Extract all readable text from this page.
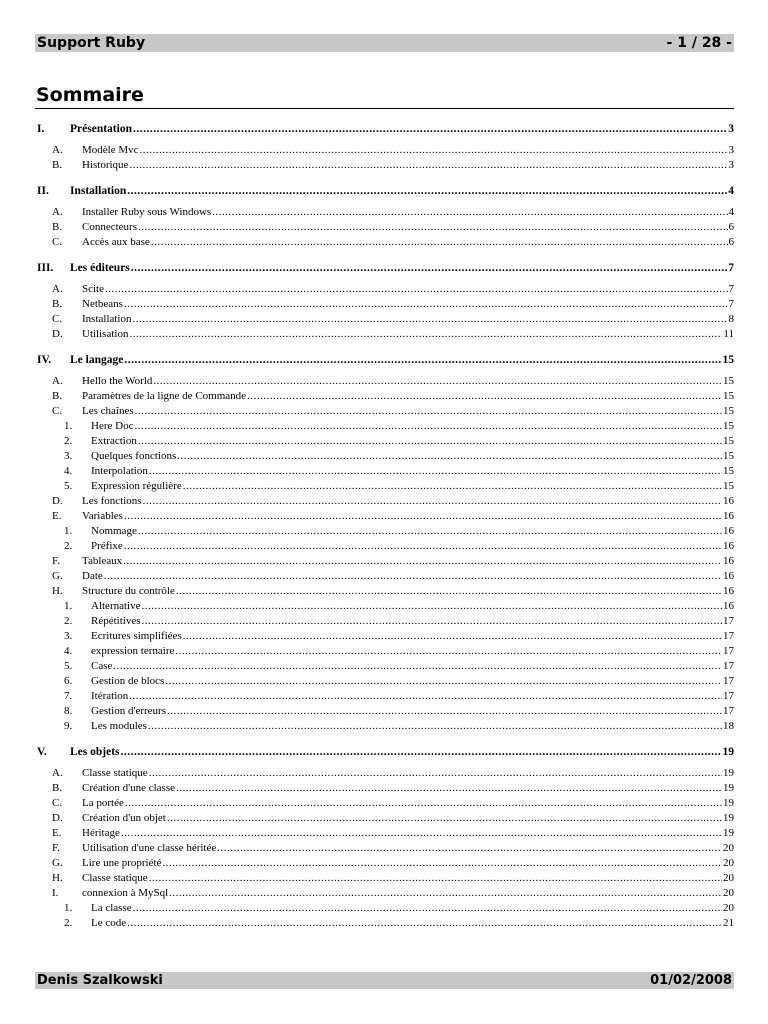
Support Ruby	- 1 / 28 -
Sommaire
I.	Présentation .....	3
A.	Modèle Mvc .....	3
B.	Historique .....	3
II.	Installation .....	4
A.	Installer Ruby sous Windows .....	4
B.	Connecteurs .....	6
C.	Accès aux base .....	6
III.	Les éditeurs .....	7
A.	Scite .....	7
B.	Netbeans .....	7
C.	Installation .....	8
D.	Utilisation .....	11
IV.	Le langage .....	15
A.	Hello the World .....	15
B.	Paramètres de la ligne de Commande .....	15
C.	Les chaînes .....	15
1.	Here Doc .....	15
2.	Extraction .....	15
3.	Quelques fonctions .....	15
4.	Interpolation .....	15
5.	Expression régulière .....	15
D.	Les fonctions .....	16
E.	Variables .....	16
1.	Nommage .....	16
2.	Préfixe .....	16
F.	Tableaux .....	16
G.	Date .....	16
H.	Structure du contrôle .....	16
1.	Alternative .....	16
2.	Répétitives .....	17
3.	Ecritures simplifiées .....	17
4.	expression ternaire .....	17
5.	Case .....	17
6.	Gestion de blocs .....	17
7.	Itération .....	17
8.	Gestion d'erreurs .....	17
9.	Les modules .....	18
V.	Les objets .....	19
A.	Classe statique .....	19
B.	Création d'une classe .....	19
C.	La portée .....	19
D.	Création d'un objet .....	19
E.	Héritage .....	19
F.	Utilisation d'une classe héritée .....	20
G.	Lire une propriété .....	20
H.	Classe statique .....	20
I.	connexion à MySql .....	20
1.	La classe .....	20
2.	Le code .....	21
Denis Szalkowski	01/02/2008
